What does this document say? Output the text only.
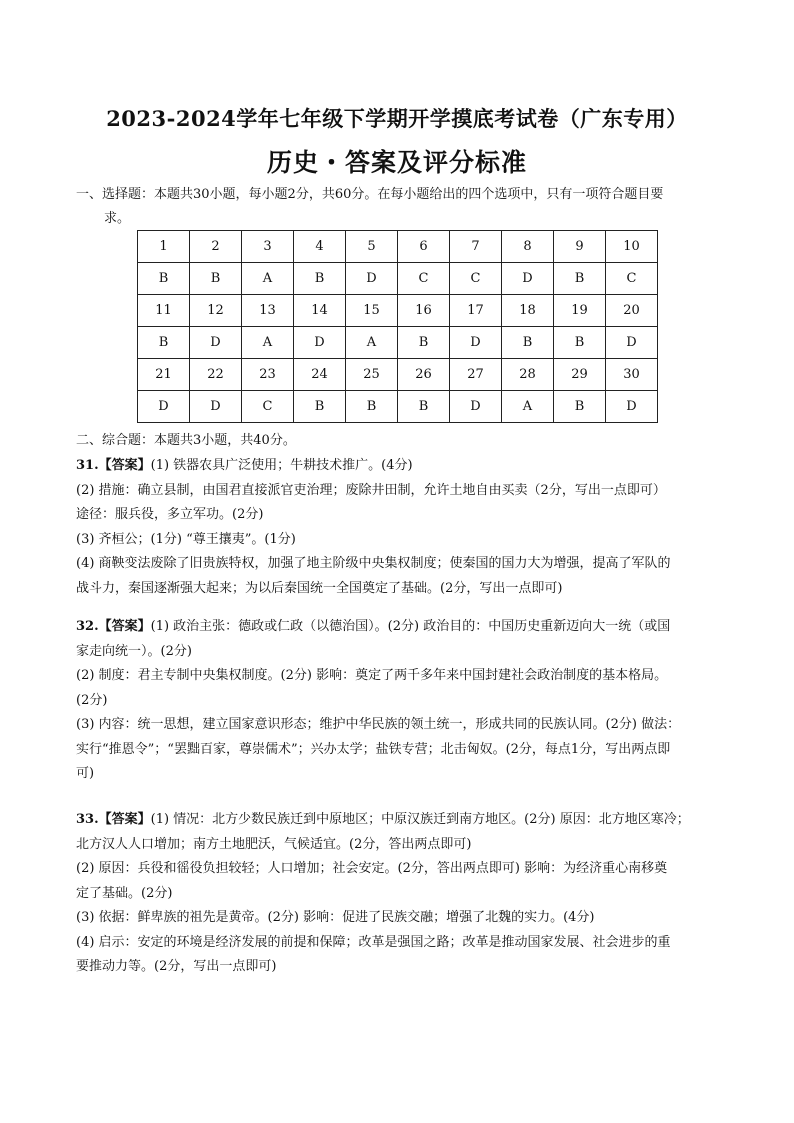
2023-2024学年七年级下学期开学摸底考试卷（广东专用）
历史・答案及评分标准
一、选择题：本题共30小题，每小题2分，共60分。在每小题给出的四个选项中，只有一项符合题目要
求。
1	2	3	4	5	6	7	8	9	10
B	B	A	B	D	C	C	D	B	C
11	12	13	14	15	16	17	18	19	20
B	D	A	D	A	B	D	B	B	D
21	22	23	24	25	26	27	28	29	30
D	D	C	B	B	B	D	A	B	D
二、综合题：本题共3小题，共40分。

31.【答案】(1) 铁器农具广泛使用；牛耕技术推广。(4分)

(2) 措施：确立县制，由国君直接派官吏治理；废除井田制，允许土地自由买卖（2分，写出一点即可）

途径：服兵役，多立军功。(2分)

(3) 齐桓公；(1分) “尊王攘夷”。(1分)

(4) 商鞅变法废除了旧贵族特权，加强了地主阶级中央集权制度；使秦国的国力大为增强，提高了军队的

战斗力，秦国逐渐强大起来；为以后秦国统一全国奠定了基础。(2分，写出一点即可)

32.【答案】(1) 政治主张：德政或仁政（以德治国）。(2分) 政治目的：中国历史重新迈向大一统（或国

家走向统一）。(2分)

(2) 制度：君主专制中央集权制度。(2分) 影响：奠定了两千多年来中国封建社会政治制度的基本格局。

(2分)

(3) 内容：统一思想，建立国家意识形态；维护中华民族的领土统一，形成共同的民族认同。(2分) 做法：

实行“推恩令”；“罢黜百家，尊崇儒术”；兴办太学；盐铁专营；北击匈奴。(2分，每点1分，写出两点即

可)

33.【答案】(1) 情况：北方少数民族迁到中原地区；中原汉族迁到南方地区。(2分) 原因：北方地区寒冷；

北方汉人人口增加；南方土地肥沃，气候适宜。(2分，答出两点即可)

(2) 原因：兵役和徭役负担较轻；人口增加；社会安定。(2分，答出两点即可) 影响：为经济重心南移奠

定了基础。(2分)

(3) 依据：鲜卑族的祖先是黄帝。(2分) 影响：促进了民族交融；增强了北魏的实力。(4分)

(4) 启示：安定的环境是经济发展的前提和保障；改革是强国之路；改革是推动国家发展、社会进步的重

要推动力等。(2分，写出一点即可)
